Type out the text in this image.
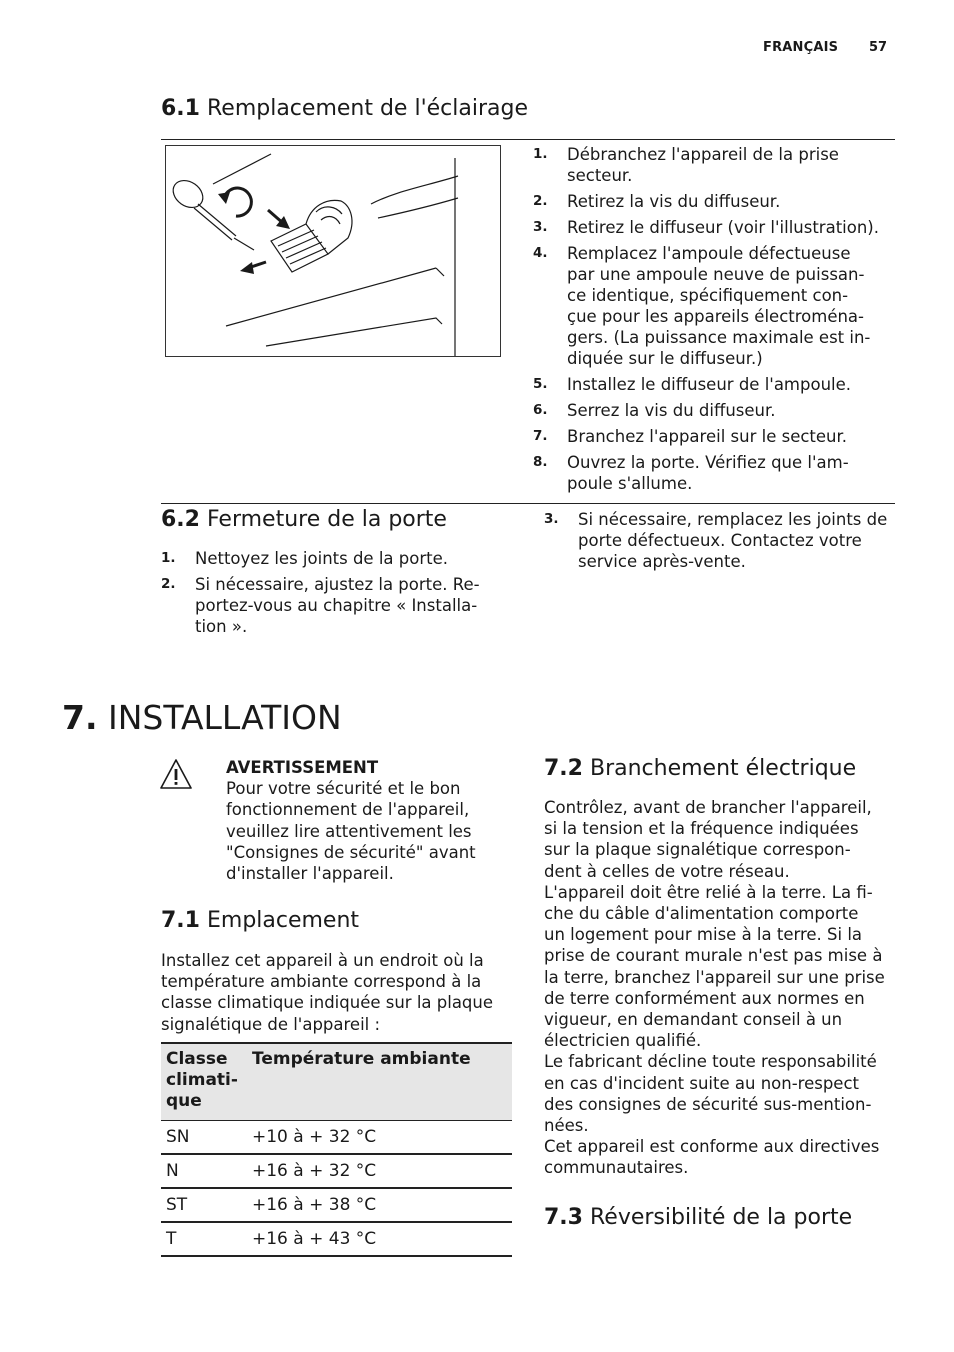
FRANÇAIS 57
6.1 Remplacement de l'éclairage
1. Débranchez l'appareil de la prise
secteur.
2. Retirez la vis du diffuseur.
3. Retirez le diffuseur (voir l'illustration).
4. Remplacez l'ampoule défectueuse
par une ampoule neuve de puissan-
ce identique, spécifiquement con-
çue pour les appareils électroména-
gers. (La puissance maximale est in-
diquée sur le diffuseur.)
5. Installez le diffuseur de l'ampoule.
6. Serrez la vis du diffuseur.
7. Branchez l'appareil sur le secteur.
8. Ouvrez la porte. Vérifiez que l'am-
poule s'allume.
6.2 Fermeture de la porte
1. Nettoyez les joints de la porte.
2. Si nécessaire, ajustez la porte. Re-
portez-vous au chapitre « Installa-
tion ».
3. Si nécessaire, remplacez les joints de
porte défectueux. Contactez votre
service après-vente.
7. INSTALLATION
AVERTISSEMENT
Pour votre sécurité et le bon
fonctionnement de l'appareil,
veuillez lire attentivement les
"Consignes de sécurité" avant
d'installer l'appareil.
7.1 Emplacement
Installez cet appareil à un endroit où la
température ambiante correspond à la
classe climatique indiquée sur la plaque
signalétique de l'appareil :
Classe
climati-
que	Température ambiante
SN	+10 à + 32 °C
N	+16 à + 32 °C
ST	+16 à + 38 °C
T	+16 à + 43 °C
7.2 Branchement électrique
Contrôlez, avant de brancher l'appareil,
si la tension et la fréquence indiquées
sur la plaque signalétique correspon-
dent à celles de votre réseau.
L'appareil doit être relié à la terre. La fi-
che du câble d'alimentation comporte
un logement pour mise à la terre. Si la
prise de courant murale n'est pas mise à
la terre, branchez l'appareil sur une prise
de terre conformément aux normes en
vigueur, en demandant conseil à un
électricien qualifié.
Le fabricant décline toute responsabilité
en cas d'incident suite au non-respect
des consignes de sécurité sus-mention-
nées.
Cet appareil est conforme aux directives
communautaires.
7.3 Réversibilité de la porte
